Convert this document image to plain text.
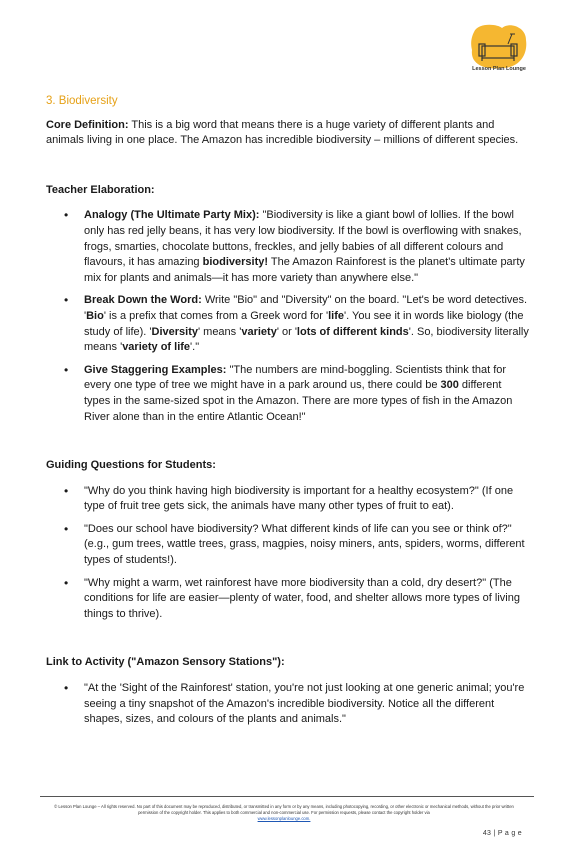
Lesson Plan Lounge
3. Biodiversity

Core Definition: This is a big word that means there is a huge variety of different plants and animals living in one place. The Amazon has incredible biodiversity – millions of different species.

Teacher Elaboration:

• Analogy (The Ultimate Party Mix): "Biodiversity is like a giant bowl of lollies. If the bowl only has red jelly beans, it has very low biodiversity. If the bowl is overflowing with snakes, frogs, smarties, chocolate buttons, freckles, and jelly babies of all different colours and flavours, it has amazing biodiversity! The Amazon Rainforest is the planet's ultimate party mix for plants and animals—it has more variety than anywhere else."
• Break Down the Word: Write "Bio" and "Diversity" on the board. "Let's be word detectives. 'Bio' is a prefix that comes from a Greek word for 'life'. You see it in words like biology (the study of life). 'Diversity' means 'variety' or 'lots of different kinds'. So, biodiversity literally means 'variety of life'."
• Give Staggering Examples: "The numbers are mind-boggling. Scientists think that for every one type of tree we might have in a park around us, there could be 300 different types in the same-sized spot in the Amazon. There are more types of fish in the Amazon River alone than in the entire Atlantic Ocean!"

Guiding Questions for Students:

• "Why do you think having high biodiversity is important for a healthy ecosystem?" (If one type of fruit tree gets sick, the animals have many other types of fruit to eat).
• "Does our school have biodiversity? What different kinds of life can you see or think of?" (e.g., gum trees, wattle trees, grass, magpies, noisy miners, ants, spiders, worms, different types of students!).
• "Why might a warm, wet rainforest have more biodiversity than a cold, dry desert?" (The conditions for life are easier—plenty of water, food, and shelter allows more types of living things to thrive).

Link to Activity ("Amazon Sensory Stations"):

• "At the 'Sight of the Rainforest' station, you're not just looking at one generic animal; you're seeing a tiny snapshot of the Amazon's incredible biodiversity. Notice all the different shapes, sizes, and colours of the plants and animals."
© Lesson Plan Lounge – All rights reserved. No part of this document may be reproduced, distributed, or transmitted in any form or by any means, including photocopying, recording, or other electronic or mechanical methods, without the prior written permission of the copyright holder. This applies to both commercial and non-commercial use. For permission requests, please contact the copyright holder via
www.lessonplanlounge.com.
43 | P a g e
